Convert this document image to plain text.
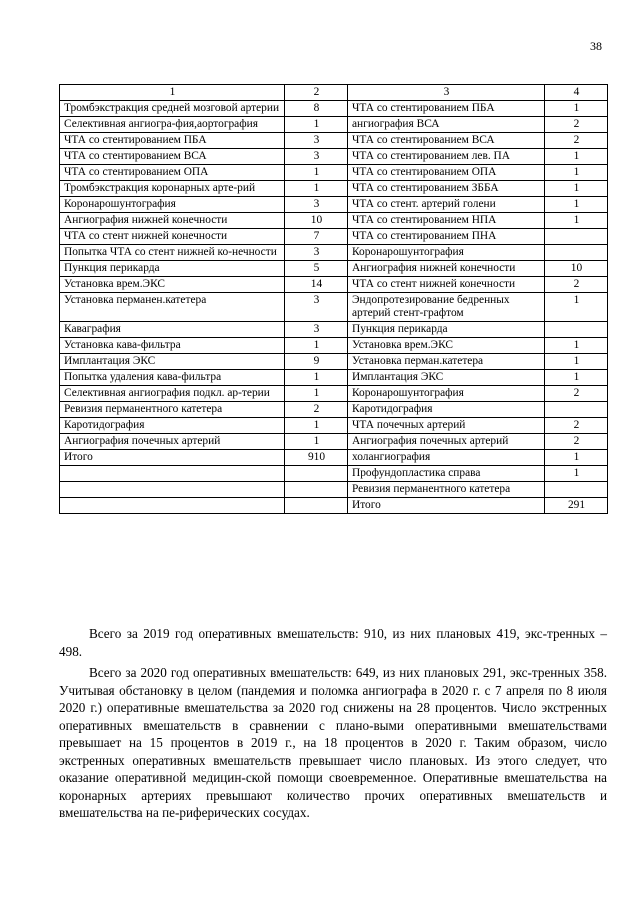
38
1	2	3	4
Тромбэкстракция средней мозговой артерии	8	ЧТА со стентированием ПБА	1
Селективная ангиогра-фия,аортография	1	ангиография ВСА	2
ЧТА со стентированием ПБА	3	ЧТА со стентированием ВСА	2
ЧТА со стентированием ВСА	3	ЧТА со стентированием лев. ПА	1
ЧТА со стентированием ОПА	1	ЧТА со стентированием ОПА	1
Тромбэкстракция коронарных арте-рий	1	ЧТА со стентированием ЗББА	1
Коронарошунтография	3	ЧТА со стент. артерий голени	1
Ангиография нижней конечности	10	ЧТА со стентированием НПА	1
ЧТА со стент нижней конечности	7	ЧТА со стентированием ПНА	
Попытка ЧТА со стент нижней ко-нечности	3	Коронарошунтография	
Пункция перикарда	5	Ангиография нижней конечности	10
Установка врем.ЭКС	14	ЧТА со стент нижней конечности	2
Установка перманен.катетера	3	Эндопротезирование бедренных артерий стент-графтом	1
Каваграфия	3	Пункция перикарда	
Установка кава-фильтра	1	Установка врем.ЭКС	1
Имплантация ЭКС	9	Установка перман.катетера	1
Попытка удаления кава-фильтра	1	Имплантация ЭКС	1
Селективная ангиография подкл. ар-терии	1	Коронарошунтография	2
Ревизия перманентного катетера	2	Каротидография	
Каротидография	1	ЧТА почечных артерий	2
Ангиография почечных артерий	1	Ангиография почечных артерий	2
Итого	910	холангиография	1
		Профундопластика справа	1
		Ревизия перманентного катетера	
		Итого	291

Всего за 2019 год оперативных вмешательств: 910, из них плановых 419, экс-тренных – 498.

Всего за 2020 год оперативных вмешательств: 649, из них плановых 291, экс-тренных 358. Учитывая обстановку в целом (пандемия и поломка ангиографа в 2020 г. с 7 апреля по 8 июля 2020 г.) оперативные вмешательства за 2020 год снижены на 28 процентов. Число экстренных оперативных вмешательств в сравнении с плано-выми оперативными вмешательствами превышает на 15 процентов в 2019 г., на 18 процентов в 2020 г. Таким образом, число экстренных оперативных вмешательств превышает число плановых. Из этого следует, что оказание оперативной медицин-ской помощи своевременное. Оперативные вмешательства на коронарных артериях превышают количество прочих оперативных вмешательств и вмешательства на пе-риферических сосудах.
